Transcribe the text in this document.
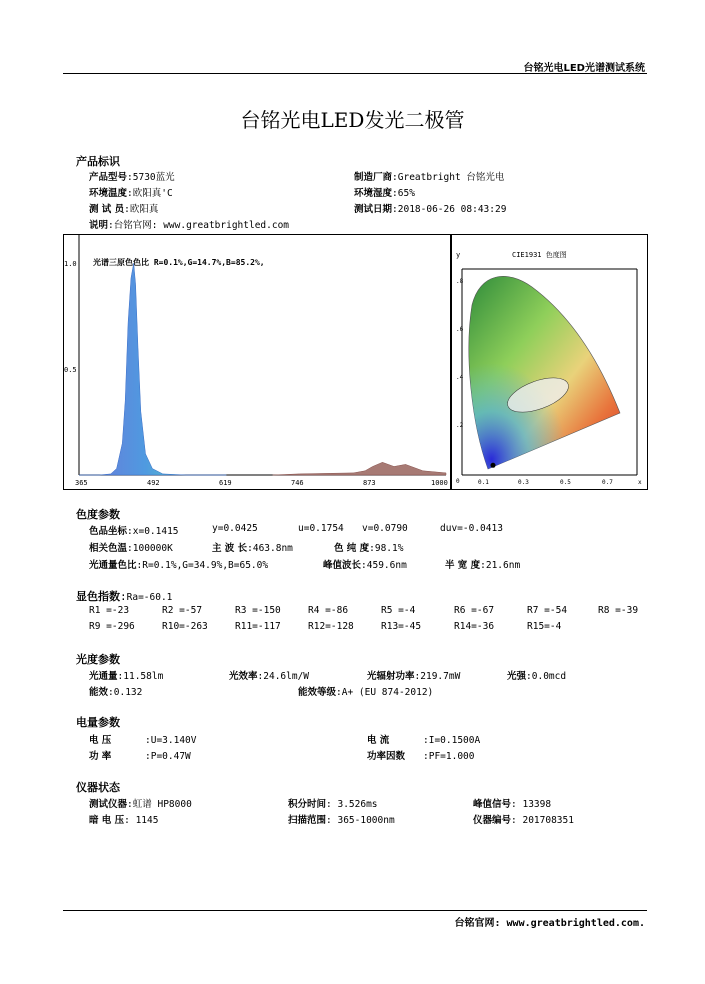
台铭光电LED光谱测试系统
台铭光电LED发光二极管
产品标识
产品型号:5730蓝光	制造厂商:Greatbright 台铭光电
环境温度:欧阳真'C	环境湿度:65%
测 试 员:欧阳真	测试日期:2018-06-26 08:43:29
说明:台铭官网: www.greatbrightled.com
光谱三原色色比 R=0.1%,G=14.7%,B=85.2%,
1.0
0.5
365	492	619	746	873	1000
CIE1931 色度图
y
.8
.6
.4
.2
0	0.1	0.3	0.5	0.7	x
色度参数
色品坐标:x=0.1415	y=0.0425	u=0.1754 v=0.0790	duv=-0.0413
相关色温:100000K	主 波 长:463.8nm	色 纯 度:98.1%
光通量色比:R=0.1%,G=34.9%,B=65.0%	峰值波长:459.6nm	半 宽 度:21.6nm
显色指数:Ra=-60.1
R1 =-23	R2 =-57	R3 =-150	R4 =-86	R5 =-4	R6 =-67	R7 =-54	R8 =-39
R9 =-296	R10=-263	R11=-117	R12=-128	R13=-45	R14=-36	R15=-4
光度参数
光通量:11.58lm	光效率:24.6lm/W	光辐射功率:219.7mW	光强:0.0mcd
能效:0.132	能效等级:A+ (EU 874-2012)
电量参数
电 压	:U=3.140V	电 流	:I=0.1500A
功 率	:P=0.47W	功率因数 :PF=1.000
仪器状态
测试仪器:虹谱 HP8000	积分时间: 3.526ms	峰值信号: 13398
暗 电 压: 1145	扫描范围: 365-1000nm	仪器编号: 201708351
台铭官网: www.greatbrightled.com.
